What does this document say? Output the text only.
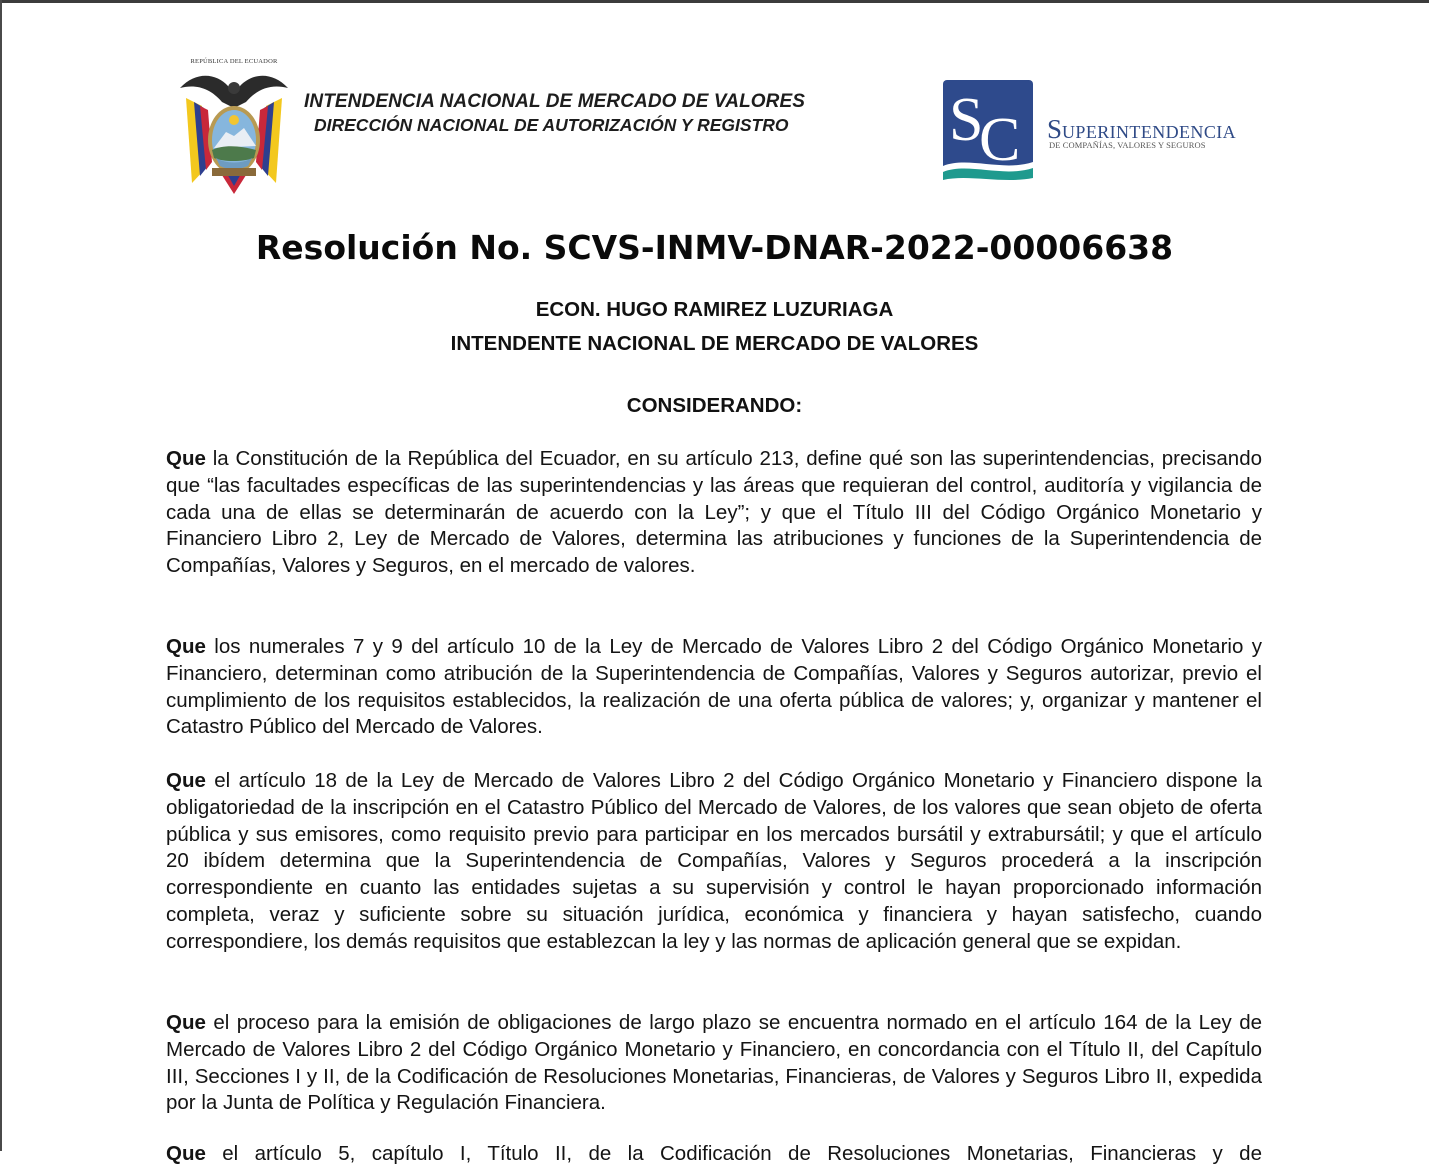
REPÚBLICA DEL ECUADOR
INTENDENCIA NACIONAL DE MERCADO DE VALORES
DIRECCIÓN NACIONAL DE AUTORIZACIÓN Y REGISTRO	S
C SUPERINTENDENCIA
DE COMPAÑÍAS, VALORES Y SEGUROS
Resolución No. SCVS-INMV-DNAR-2022-00006638
ECON. HUGO RAMIREZ LUZURIAGA
INTENDENTE NACIONAL DE MERCADO DE VALORES
CONSIDERANDO:
Que la Constitución de la República del Ecuador, en su artículo 213, define qué son las superintendencias, precisando que “las facultades específicas de las superintendencias y las áreas que requieran del control, auditoría y vigilancia de cada una de ellas se determinarán de acuerdo con la Ley”; y que el Título III del Código Orgánico Monetario y Financiero Libro 2, Ley de Mercado de Valores, determina las atribuciones y funciones de la Superintendencia de Compañías, Valores y Seguros, en el mercado de valores.
Que los numerales 7 y 9 del artículo 10 de la Ley de Mercado de Valores Libro 2 del Código Orgánico Monetario y Financiero, determinan como atribución de la Superintendencia de Compañías, Valores y Seguros autorizar, previo el cumplimiento de los requisitos establecidos, la realización de una oferta pública de valores; y, organizar y mantener el Catastro Público del Mercado de Valores.
Que el artículo 18 de la Ley de Mercado de Valores Libro 2 del Código Orgánico Monetario y Financiero dispone la obligatoriedad de la inscripción en el Catastro Público del Mercado de Valores, de los valores que sean objeto de oferta pública y sus emisores, como requisito previo para participar en los mercados bursátil y extrabursátil; y que el artículo 20 ibídem determina que la Superintendencia de Compañías, Valores y Seguros procederá a la inscripción correspondiente en cuanto las entidades sujetas a su supervisión y control le hayan proporcionado información completa, veraz y suficiente sobre su situación jurídica, económica y financiera y hayan satisfecho, cuando correspondiere, los demás requisitos que establezcan la ley y las normas de aplicación general que se expidan.
Que el proceso para la emisión de obligaciones de largo plazo se encuentra normado en el artículo 164 de la Ley de Mercado de Valores Libro 2 del Código Orgánico Monetario y Financiero, en concordancia con el Título II, del Capítulo III, Secciones I y II, de la Codificación de Resoluciones Monetarias, Financieras, de Valores y Seguros Libro II, expedida por la Junta de Política y Regulación Financiera.
Que el artículo 5, capítulo I, Título II, de la Codificación de Resoluciones Monetarias, Financieras y de
